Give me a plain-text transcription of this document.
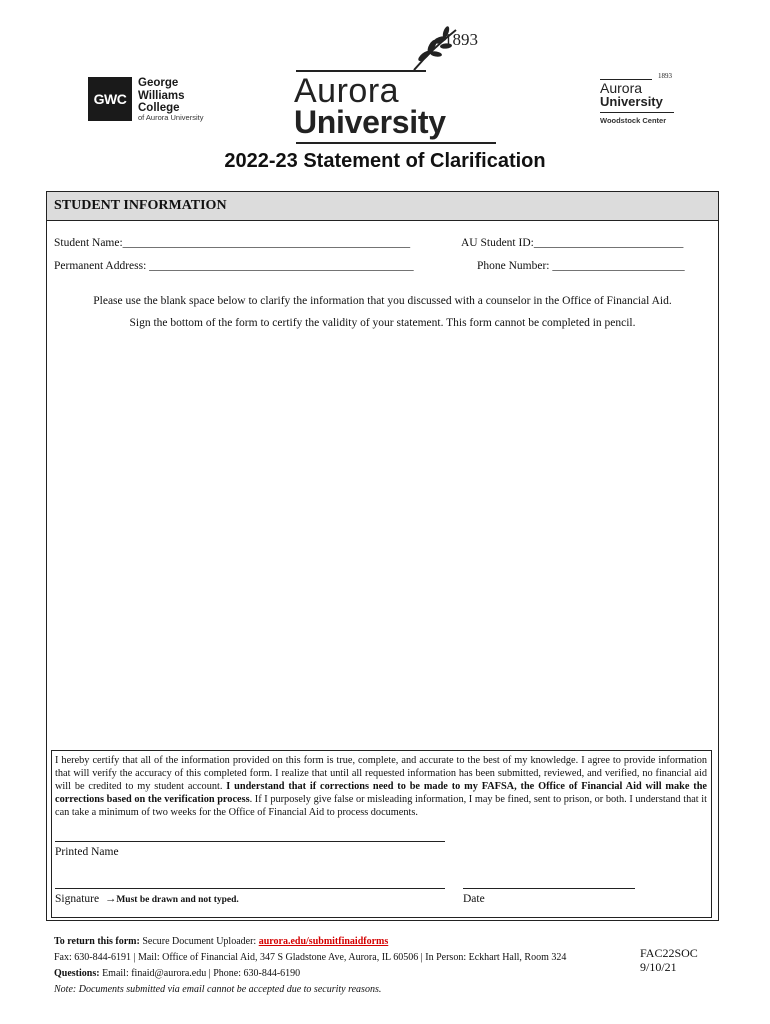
GWC
George
Williams
College
of Aurora University
1893
Aurora
University
1893
Aurora
University
Woodstock Center
2022-23 Statement of Clarification
STUDENT INFORMATION
Student Name:__________________________________________________	AU Student ID:__________________________
Permanent Address: ______________________________________________	Phone Number: _______________________
Please use the blank space below to clarify the information that you discussed with a counselor in the Office of Financial Aid.
Sign the bottom of the form to certify the validity of your statement. This form cannot be completed in pencil.
I hereby certify that all of the information provided on this form is true, complete, and accurate to the best of my knowledge. I agree to provide information that will verify the accuracy of this completed form. I realize that until all requested information has been submitted, reviewed, and verified, no financial aid will be credited to my student account. I understand that if corrections need to be made to my FAFSA, the Office of Financial Aid will make the corrections based on the verification process. If I purposely give false or misleading information, I may be fined, sent to prison, or both. I understand that it can take a minimum of two weeks for the Office of Financial Aid to process documents.
Printed Name
Signature →Must be drawn and not typed.	Date
To return this form: Secure Document Uploader: aurora.edu/submitfinaidforms
Fax: 630-844-6191 | Mail: Office of Financial Aid, 347 S Gladstone Ave, Aurora, IL 60506 | In Person: Eckhart Hall, Room 324
Questions: Email: finaid@aurora.edu | Phone: 630-844-6190
Note: Documents submitted via email cannot be accepted due to security reasons.
FAC22SOC
9/10/21
